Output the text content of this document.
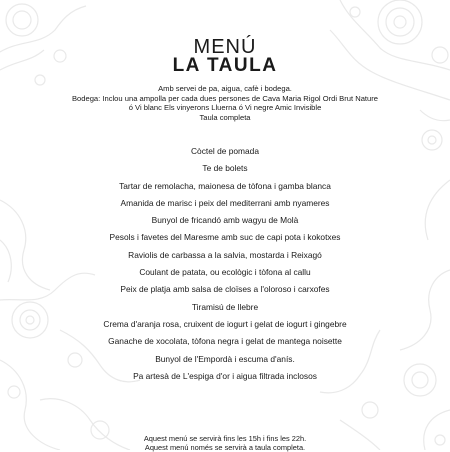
MENÚ
LA TAULA
Amb servei de pa, aigua, cafè i bodega.
Bodega: Inclou una ampolla per cada dues persones de Cava Maria Rigol Ordi Brut Nature
ó Vi blanc Els vinyerons Lluerna ó Vi negre Amic Invisible
Taula completa
Còctel de pomada
Te de bolets
Tartar de remolacha, maionesa de tòfona i gamba blanca
Amanida de marisc i peix del mediterrani amb nyameres
Bunyol de fricandó amb wagyu de Molà
Pesols i favetes del Maresme amb suc de capi pota i kokotxes
Raviolis de carbassa a la salvia, mostarda i Reixagó
Coulant de patata, ou ecològic i tòfona al callu
Peix de platja amb salsa de cloïses a l'oloroso i carxofes
Tiramisú de llebre
Crema d'aranja rosa, cruixent de iogurt i gelat de iogurt i gingebre
Ganache de xocolata, tòfona negra i gelat de mantega noisette
Bunyol de l'Empordà i escuma d'anís.
Pa artesà de L'espiga d'or i aigua filtrada inclosos
Aquest menú se servirà fins les 15h i fins les 22h.
Aquest menú només se servirà a taula completa.
